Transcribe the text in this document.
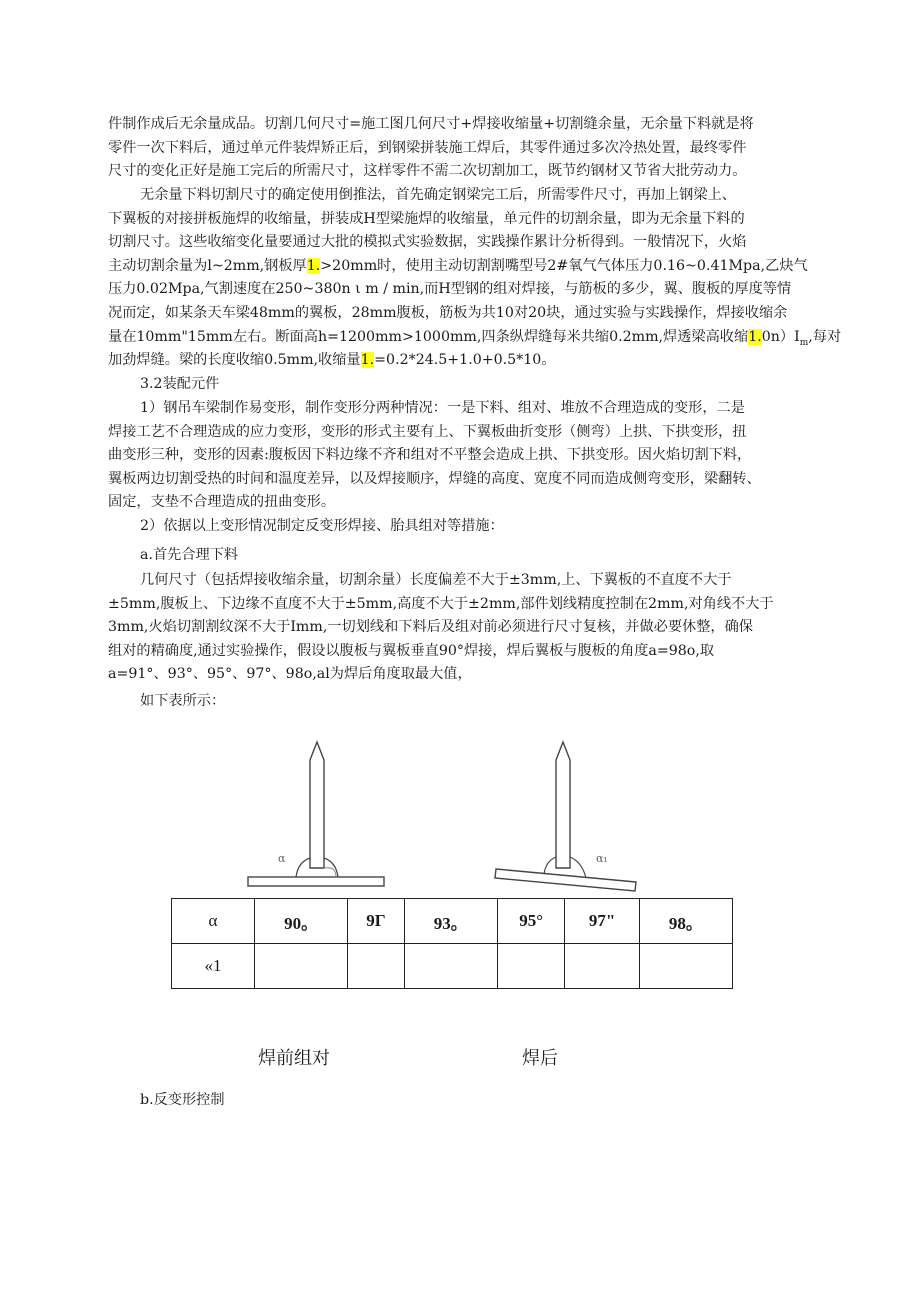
件制作成后无余量成品。切割几何尺寸=施工图几何尺寸+焊接收缩量+切割缝余量，无余量下料就是将
零件一次下料后，通过单元件装焊矫正后，到钢梁拼装施工焊后，其零件通过多次冷热处置，最终零件
尺寸的变化正好是施工完后的所需尺寸，这样零件不需二次切割加工，既节约钢材又节省大批劳动力。
无余量下料切割尺寸的确定使用倒推法，首先确定钢梁完工后，所需零件尺寸，再加上钢梁上、
下翼板的对接拼板施焊的收缩量，拼装成H型梁施焊的收缩量，单元件的切割余量，即为无余量下料的
切割尺寸。这些收缩变化量要通过大批的模拟式实验数据，实践操作累计分析得到。一般情况下，火焰
主动切割余量为l~2mm,钢板厚1.>20mm时，使用主动切割割嘴型号2#氧气气体压力0.16~0.41Mpa,乙炔气
压力0.02Mpa,气割速度在250~380n ι m / min,而H型钢的组对焊接，与筋板的多少，翼、腹板的厚度等情
况而定，如某条天车梁48mm的翼板，28mm腹板，筋板为共10对20块，通过实验与实践操作，焊接收缩余
量在10mm"15mm左右。断面高h=1200mm>1000mm,四条纵焊缝每米共缩0.2mm,焊透梁高收缩$1.0n)I_m$,每对
加劲焊缝。梁的长度收缩0.5mm,收缩量1.=0.2*24.5+1.0+0.5*10。
3.2装配元件
1）钢吊车梁制作易变形，制作变形分两种情况：一是下料、组对、堆放不合理造成的变形，二是
焊接工艺不合理造成的应力变形，变形的形式主要有上、下翼板曲折变形（侧弯）上拱、下拱变形，扭
曲变形三种，变形的因素:腹板因下料边缘不齐和组对不平整会造成上拱、下拱变形。因火焰切割下料，
翼板两边切割受热的时间和温度差异，以及焊接顺序，焊缝的高度、宽度不同而造成侧弯变形，梁翻转、
固定，支垫不合理造成的扭曲变形。
2）依据以上变形情况制定反变形焊接、胎具组对等措施：
a.首先合理下料
几何尺寸（包括焊接收缩余量，切割余量）长度偏差不大于±3mm,上、下翼板的不直度不大于
±5mm,腹板上、下边缘不直度不大于±5mm,高度不大于±2mm,部件划线精度控制在2mm,对角线不大于
3mm,火焰切割割纹深不大于Imm,一切划线和下料后及组对前必须进行尺寸复核，并做必要休整，确保
组对的精确度,通过实验操作，假设以腹板与翼板垂直90°焊接，焊后翼板与腹板的角度a=98o,取
a=91°、93°、95°、97°、98o,al为焊后角度取最大值，
如下表所示：
α	α₁
α	90。	9Γ	93。	95°	97"	98。
«1						
焊前组对	焊后
b.反变形控制
